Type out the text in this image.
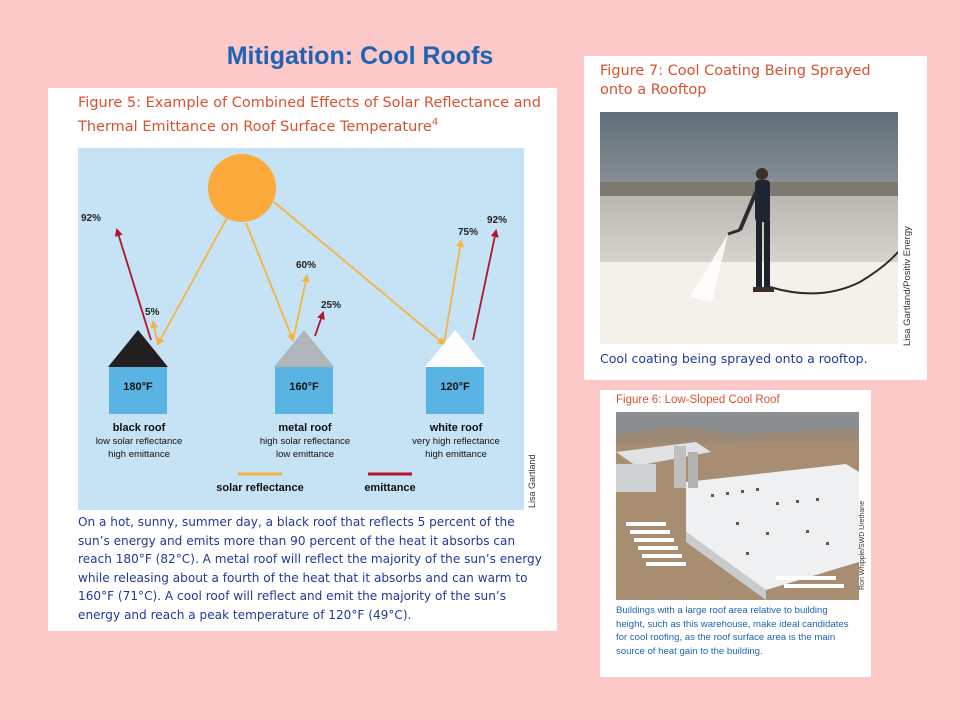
Mitigation: Cool Roofs
Figure 5: Example of Combined Effects of Solar Reflectance and Thermal Emittance on Roof Surface Temperature$^4$
92%
5%
60%
25%
75%
92%
180°F	160°F	120°F
black roof
low solar reflectance
high emittance
metal roof
high solar reflectance
low emittance
white roof
very high reflectance
high emittance
solar reflectance	emittance	Lisa Gartland
On a hot, sunny, summer day, a black roof that reflects 5 percent of the sun’s energy and emits more than 90 percent of the heat it absorbs can reach 180°F (82°C). A metal roof will reflect the majority of the sun’s energy while releasing about a fourth of the heat that it absorbs and can warm to 160°F (71°C). A cool roof will reflect and emit the majority of the sun’s energy and reach a peak temperature of 120°F (49°C).
Figure 7: Cool Coating Being Sprayed onto a Rooftop
Lisa Gartland/Positiv Energy
Cool coating being sprayed onto a rooftop.
Figure 6: Low-Sloped Cool Roof
Ron Whipple/SWD Urethane
Buildings with a large roof area relative to building height, such as this warehouse, make ideal candidates for cool roofing, as the roof surface area is the main source of heat gain to the building.
